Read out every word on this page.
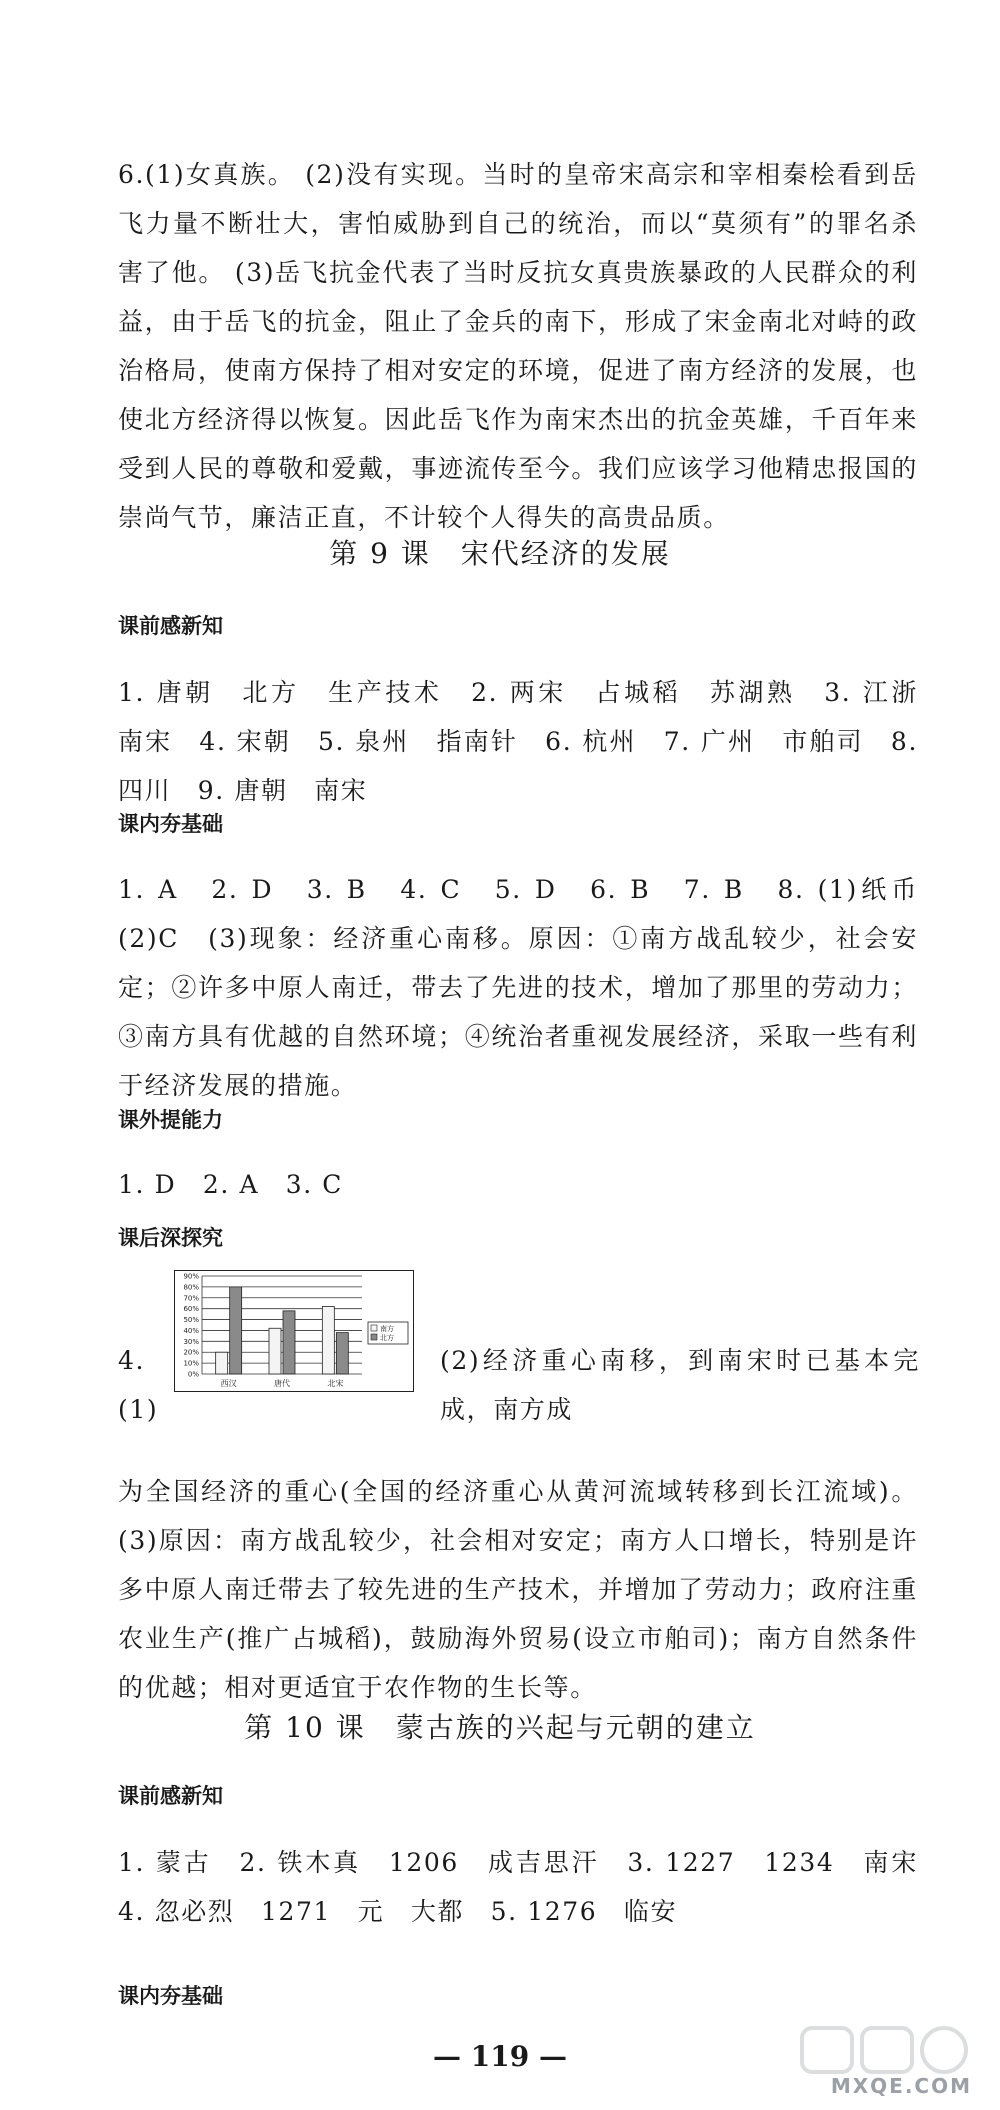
6.(1)女真族。 (2)没有实现。当时的皇帝宋高宗和宰相秦桧看到岳飞力量不断壮大，害怕威胁到自己的统治，而以“莫须有”的罪名杀害了他。 (3)岳飞抗金代表了当时反抗女真贵族暴政的人民群众的利益，由于岳飞的抗金，阻止了金兵的南下，形成了宋金南北对峙的政治格局，使南方保持了相对安定的环境，促进了南方经济的发展，也使北方经济得以恢复。因此岳飞作为南宋杰出的抗金英雄，千百年来受到人民的尊敬和爱戴，事迹流传至今。我们应该学习他精忠报国的崇尚气节，廉洁正直，不计较个人得失的高贵品质。

第 9 课　宋代经济的发展
课前感新知

1. 唐朝　北方　生产技术　2. 两宋　占城稻　苏湖熟　3. 江浙　南宋　4. 宋朝　5. 泉州　指南针　6. 杭州　7. 广州　市舶司　8. 四川　9. 唐朝　南宋

课内夯基础

1. A　2. D　3. B　4. C　5. D　6. B　7. B　8. (1)纸币　(2)C　(3)现象：经济重心南移。原因：①南方战乱较少，社会安定；②许多中原人南迁，带去了先进的技术，增加了那里的劳动力；③南方具有优越的自然环境；④统治者重视发展经济，采取一些有利于经济发展的措施。

课外提能力

1. D　2. A　3. C

课后深探究

4. (1)

0%
10%
20%
30%
40%
50%
60%
70%
80%
90%
西汉	唐代	北宋
南方
北方

(2)经济重心南移，到南宋时已基本完成，南方成

为全国经济的重心(全国的经济重心从黄河流域转移到长江流域)。 (3)原因：南方战乱较少，社会相对安定；南方人口增长，特别是许多中原人南迁带去了较先进的生产技术，并增加了劳动力；政府注重农业生产(推广占城稻)，鼓励海外贸易(设立市舶司)；南方自然条件的优越；相对更适宜于农作物的生长等。

第 10 课　蒙古族的兴起与元朝的建立
课前感新知

1. 蒙古　2. 铁木真　1206　成吉思汗　3. 1227　1234　南宋　4. 忽必烈　1271　元　大都　5. 1276　临安

课内夯基础
— 119 —
MXQE.COM
